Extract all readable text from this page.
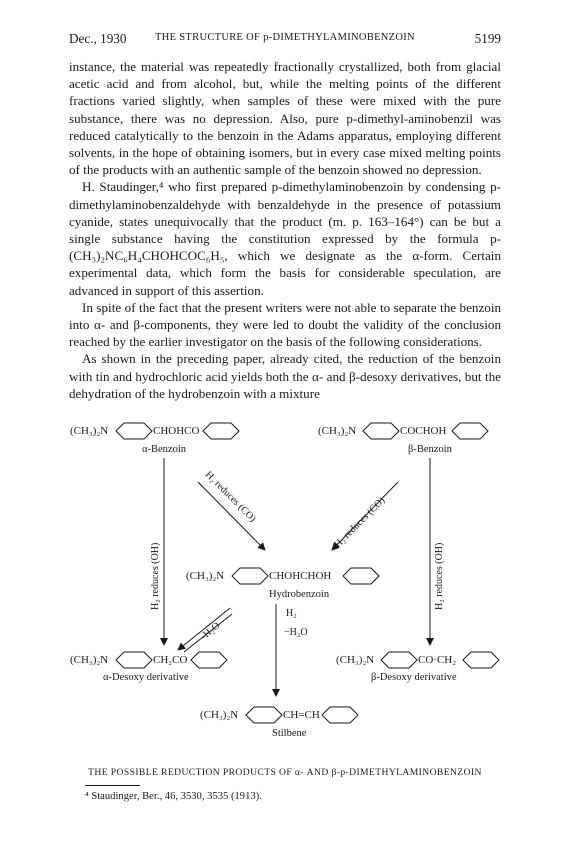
Dec., 1930	THE STRUCTURE OF p-DIMETHYLAMINOBENZOIN	5199

instance, the material was repeatedly fractionally crystallized, both from glacial acetic acid and from alcohol, but, while the melting points of the different fractions varied slightly, when samples of these were mixed with the pure substance, there was no depression. Also, pure p-dimethyl-aminobenzil was reduced catalytically to the benzoin in the Adams apparatus, employing different solvents, in the hope of obtaining isomers, but in every case mixed melting points of the products with an authentic sample of the benzoin showed no depression.

H. Staudinger,⁴ who first prepared p-dimethylaminobenzoin by condensing p-dimethylaminobenzaldehyde with benzaldehyde in the presence of potassium cyanide, states unequivocally that the product (m. p. 163–164°) can be but a single substance having the constitution expressed by the formula p-(CH₃)₂NC₆H₄CHOHCOC₆H₅, which we designate as the α-form. Certain experimental data, which form the basis for considerable speculation, are advanced in support of this assertion.

In spite of the fact that the present writers were not able to separate the benzoin into α- and β-components, they were led to doubt the validity of the conclusion reached by the earlier investigator on the basis of the following considerations.

As shown in the preceding paper, already cited, the reduction of the benzoin with tin and hydrochloric acid yields both the α- and β-desoxy derivatives, but the dehydration of the hydrobenzoin with a mixture

(CH₃)₂N	CHOHCO
α-Benzoin
(CH₃)₂N	COCHOH
β-Benzoin
H₂ reduces (OH)	H₂ reduces (OH)
H₂ reduces (CO)	H₂ reduces (CO)
(CH₃)₂N	CHOHCHOH
Hydrobenzoin
-H₂O
H₂
−H₂O
(CH₃)₂N	CH₂CO
α-Desoxy derivative
(CH₃)₂N	CO·CH₂
β-Desoxy derivative
(CH₃)₂N	CH=CH
Stilbene
THE POSSIBLE REDUCTION PRODUCTS OF α- AND β-p-DIMETHYLAMINOBENZOIN
⁴ Staudinger, Ber., 46, 3530, 3535 (1913).
